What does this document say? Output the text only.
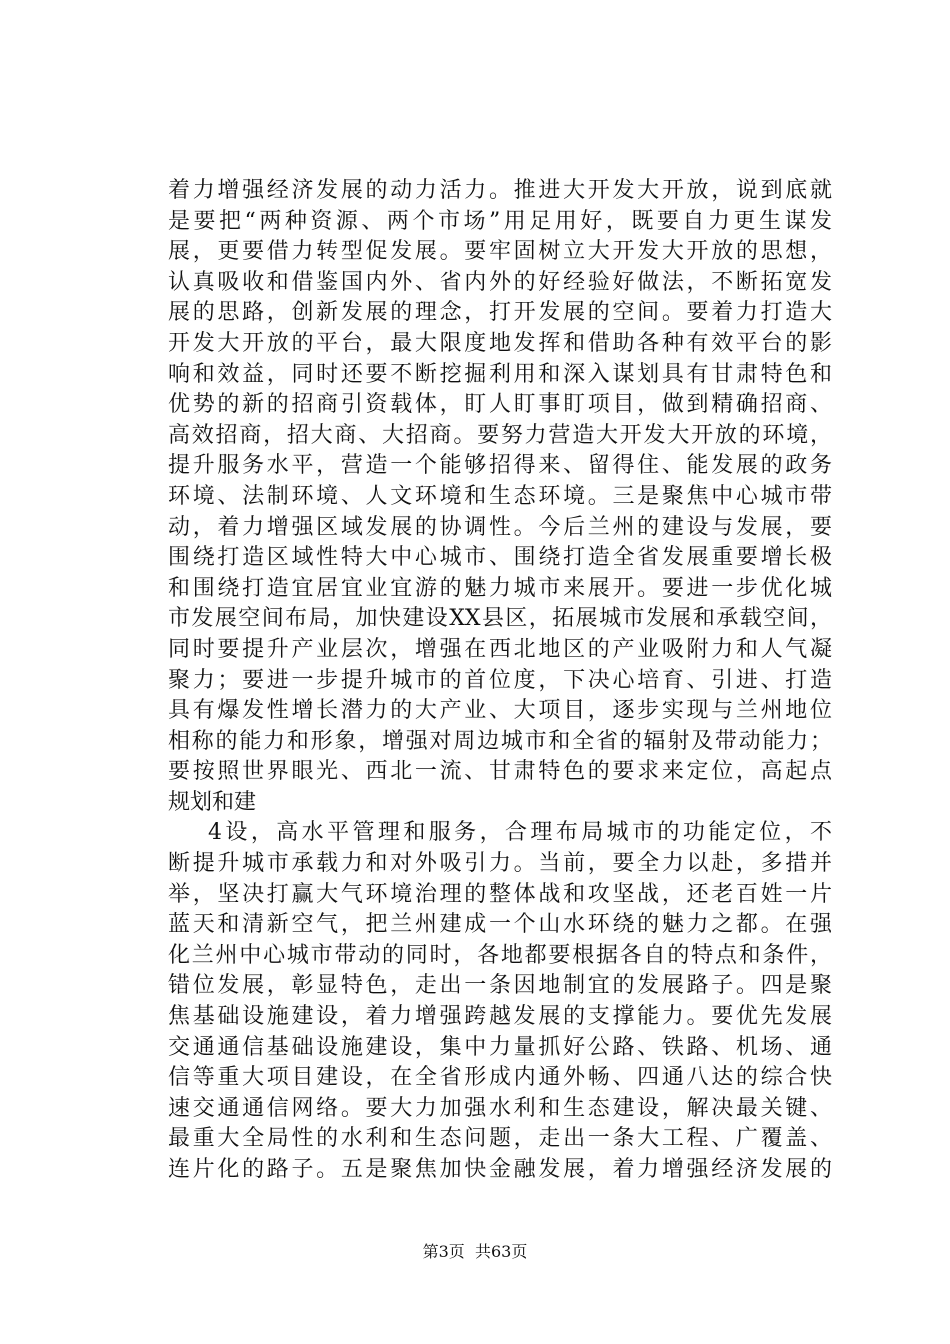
着力增强经济发展的动力活力。推进大开发大开放，说到底就
是要把“两种资源、两个市场”用足用好，既要自力更生谋发
展，更要借力转型促发展。要牢固树立大开发大开放的思想，
认真吸收和借鉴国内外、省内外的好经验好做法，不断拓宽发
展的思路，创新发展的理念，打开发展的空间。要着力打造大
开发大开放的平台，最大限度地发挥和借助各种有效平台的影
响和效益，同时还要不断挖掘利用和深入谋划具有甘肃特色和
优势的新的招商引资载体，盯人盯事盯项目，做到精确招商、
高效招商，招大商、大招商。要努力营造大开发大开放的环境，
提升服务水平，营造一个能够招得来、留得住、能发展的政务
环境、法制环境、人文环境和生态环境。三是聚焦中心城市带
动，着力增强区域发展的协调性。今后兰州的建设与发展，要
围绕打造区域性特大中心城市、围绕打造全省发展重要增长极
和围绕打造宜居宜业宜游的魅力城市来展开。要进一步优化城
市发展空间布局，加快建设XX县区，拓展城市发展和承载空间，
同时要提升产业层次，增强在西北地区的产业吸附力和人气凝
聚力；要进一步提升城市的首位度，下决心培育、引进、打造
具有爆发性增长潜力的大产业、大项目，逐步实现与兰州地位
相称的能力和形象，增强对周边城市和全省的辐射及带动能力；
要按照世界眼光、西北一流、甘肃特色的要求来定位，高起点
规划和建
4设，高水平管理和服务，合理布局城市的功能定位，不
断提升城市承载力和对外吸引力。当前，要全力以赴，多措并
举，坚决打赢大气环境治理的整体战和攻坚战，还老百姓一片
蓝天和清新空气，把兰州建成一个山水环绕的魅力之都。在强
化兰州中心城市带动的同时，各地都要根据各自的特点和条件，
错位发展，彰显特色，走出一条因地制宜的发展路子。四是聚
焦基础设施建设，着力增强跨越发展的支撑能力。要优先发展
交通通信基础设施建设，集中力量抓好公路、铁路、机场、通
信等重大项目建设，在全省形成内通外畅、四通八达的综合快
速交通通信网络。要大力加强水利和生态建设，解决最关键、
最重大全局性的水利和生态问题，走出一条大工程、广覆盖、
连片化的路子。五是聚焦加快金融发展，着力增强经济发展的
第3页 共63页
